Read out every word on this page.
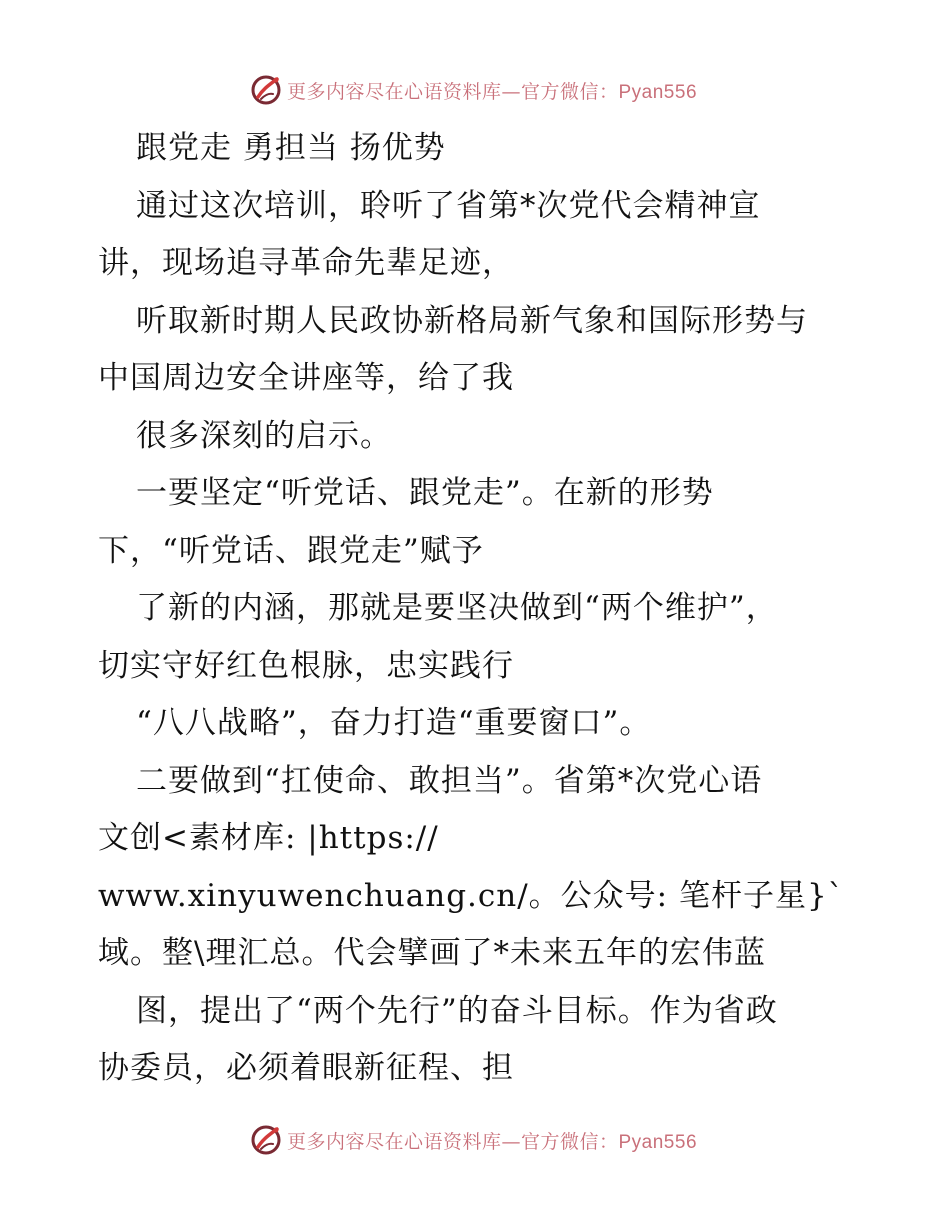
更多内容尽在心语资料库—官方微信：Pyan556
跟党走 勇担当 扬优势
通过这次培训，聆听了省第*次党代会精神宣
讲，现场追寻革命先辈足迹，
听取新时期人民政协新格局新气象和国际形势与
中国周边安全讲座等，给了我
很多深刻的启示。
一要坚定“听党话、跟党走”。在新的形势
下，“听党话、跟党走”赋予
了新的内涵，那就是要坚决做到“两个维护”，
切实守好红色根脉，忠实践行
“八八战略”，奋力打造“重要窗口”。
二要做到“扛使命、敢担当”。省第*次党心语
文创<素材库: |https://
www.xinyuwenchuang.cn/。公众号: 笔杆子星}`
域。整\理汇总。代会擘画了*未来五年的宏伟蓝
图，提出了“两个先行”的奋斗目标。作为省政
协委员，必须着眼新征程、担
更多内容尽在心语资料库—官方微信：Pyan556
